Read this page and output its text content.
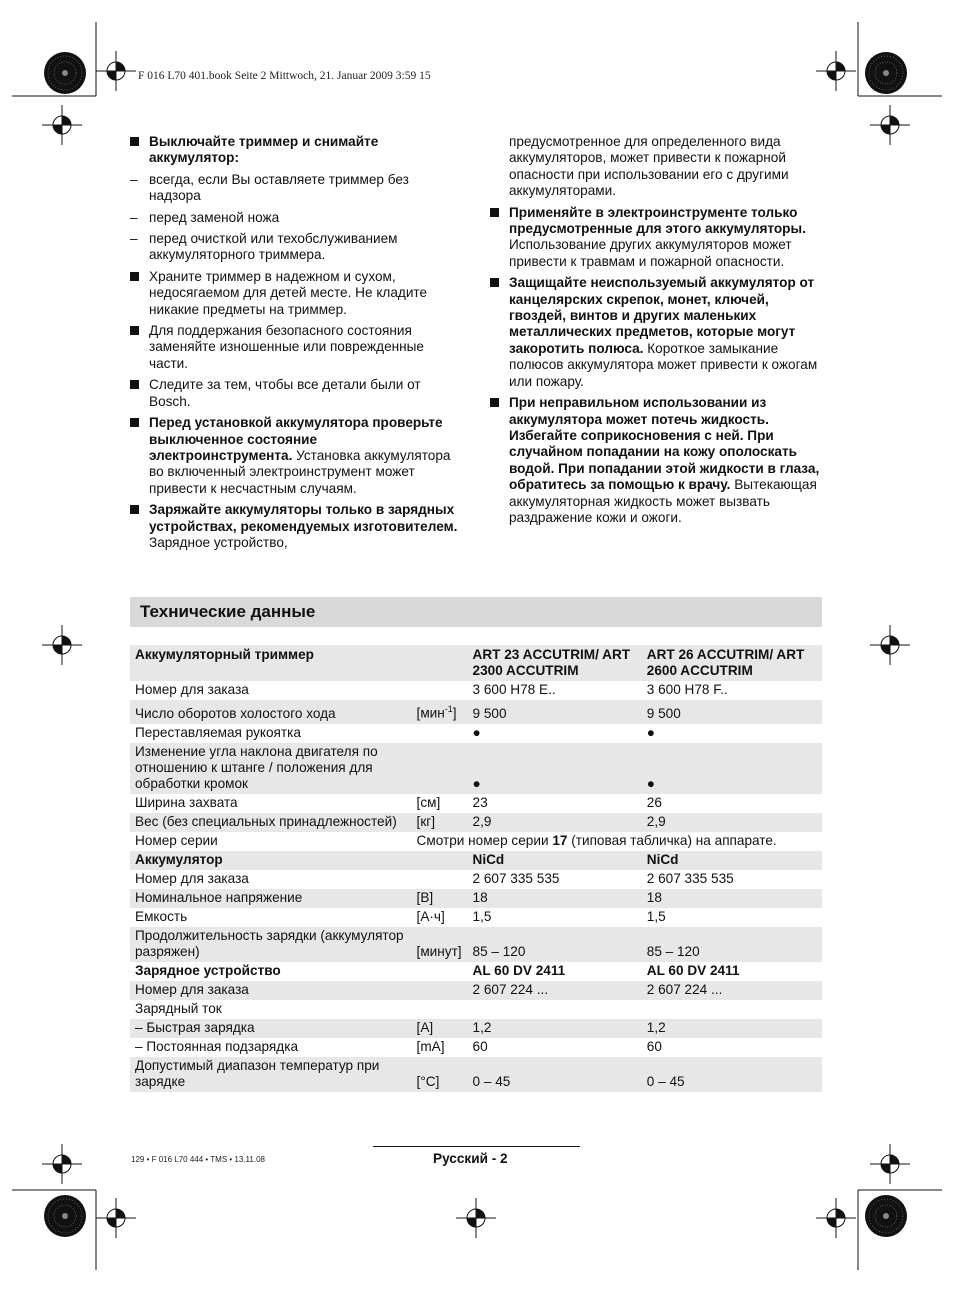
F 016 L70 401.book Seite 2 Mittwoch, 21. Januar 2009 3:59 15
Выключайте триммер и снимайте аккумулятор:
– всегда, если Вы оставляете триммер без надзора
– перед заменой ножа
– перед очисткой или техобслуживанием аккумуляторного триммера.
Храните триммер в надежном и сухом, недосягаемом для детей месте. Не кладите никакие предметы на триммер.
Для поддержания безопасного состояния заменяйте изношенные или поврежденные части.
Следите за тем, чтобы все детали были от Bosch.
Перед установкой аккумулятора проверьте выключенное состояние электроинструмента. Установка аккумулятора во включенный электроинструмент может привести к несчастным случаям.
Заряжайте аккумуляторы только в зарядных устройствах, рекомендуемых изготовителем. Зарядное устройство,
предусмотренное для определенного вида аккумуляторов, может привести к пожарной опасности при использовании его с другими аккумуляторами.
Применяйте в электроинструменте только предусмотренные для этого аккумуляторы. Использование других аккумуляторов может привести к травмам и пожарной опасности.
Защищайте неиспользуемый аккумулятор от канцелярских скрепок, монет, ключей, гвоздей, винтов и других маленьких металлических предметов, которые могут закоротить полюса. Короткое замыкание полюсов аккумулятора может привести к ожогам или пожару.
При неправильном использовании из аккумулятора может потечь жидкость. Избегайте соприкосновения с ней. При случайном попадании на кожу ополоскать водой. При попадании этой жидкости в глаза, обратитесь за помощью к врачу. Вытекающая аккумуляторная жидкость может вызвать раздражение кожи и ожоги.
Технические данные
Аккумуляторный триммер		ART 23 ACCUTRIM/ ART 2300 ACCUTRIM	ART 26 ACCUTRIM/ ART 2600 ACCUTRIM
Номер для заказа		3 600 H78 E..	3 600 H78 F..
Число оборотов холостого хода	[мин$^{-1}$]	9 500	9 500
Переставляемая рукоятка		●	●
Изменение угла наклона двигателя по отношению к штанге / положения для обработки кромок		●	●
Ширина захвата	[см]	23	26
Вес (без специальных принадлежностей)	[кг]	2,9	2,9
Номер серии	Смотри номер серии 17 (типовая табличка) на аппарате.		
Аккумулятор		NiCd	NiCd
Номер для заказа		2 607 335 535	2 607 335 535
Номинальное напряжение	[В]	18	18
Емкость	[А·ч]	1,5	1,5
Продолжительность зарядки (аккумулятор разряжен)	[минут]	85 – 120	85 – 120
Зарядное устройство		AL 60 DV 2411	AL 60 DV 2411
Номер для заказа		2 607 224 ...	2 607 224 ...
Зарядный ток			
– Быстрая зарядка	[A]	1,2	1,2
– Постоянная подзарядка	[mA]	60	60
Допустимый диапазон температур при зарядке	[°C]	0 – 45	0 – 45
129 • F 016 L70 444 • TMS • 13.11.08	Русский - 2
